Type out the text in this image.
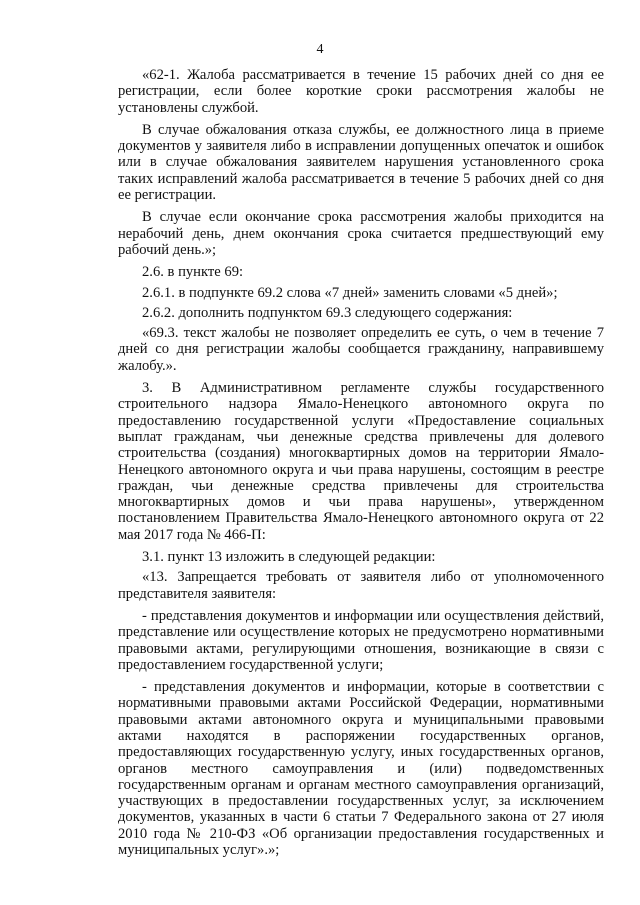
4

«62-1. Жалоба рассматривается в течение 15 рабочих дней со дня ее регистрации, если более короткие сроки рассмотрения жалобы не установлены службой.

В случае обжалования отказа службы, ее должностного лица в приеме документов у заявителя либо в исправлении допущенных опечаток и ошибок или в случае обжалования заявителем нарушения установленного срока таких исправлений жалоба рассматривается в течение 5 рабочих дней со дня ее регистрации.

В случае если окончание срока рассмотрения жалобы приходится на нерабочий день, днем окончания срока считается предшествующий ему рабочий день.»;

2.6. в пункте 69:

2.6.1. в подпункте 69.2 слова «7 дней» заменить словами «5 дней»;

2.6.2. дополнить подпунктом 69.3 следующего содержания:

«69.3. текст жалобы не позволяет определить ее суть, о чем в течение 7 дней со дня регистрации жалобы сообщается гражданину, направившему жалобу.».

3. В Административном регламенте службы государственного строительного надзора Ямало-Ненецкого автономного округа по предоставлению государственной услуги «Предоставление социальных выплат гражданам, чьи денежные средства привлечены для долевого строительства (создания) многоквартирных домов на территории Ямало-Ненецкого автономного округа и чьи права нарушены, состоящим в реестре граждан, чьи денежные средства привлечены для строительства многоквартирных домов и чьи права нарушены», утвержденном постановлением Правительства Ямало-Ненецкого автономного округа от 22 мая 2017 года № 466-П:

3.1. пункт 13 изложить в следующей редакции:

«13. Запрещается требовать от заявителя либо от уполномоченного представителя заявителя:

- представления документов и информации или осуществления действий, представление или осуществление которых не предусмотрено нормативными правовыми актами, регулирующими отношения, возникающие в связи с предоставлением государственной услуги;

- представления документов и информации, которые в соответствии с нормативными правовыми актами Российской Федерации, нормативными правовыми актами автономного округа и муниципальными правовыми актами находятся в распоряжении государственных органов, предоставляющих государственную услугу, иных государственных органов, органов местного самоуправления и (или) подведомственных государственным органам и органам местного самоуправления организаций, участвующих в предоставлении государственных услуг, за исключением документов, указанных в части 6 статьи 7 Федерального закона от 27 июля 2010 года № 210-ФЗ «Об организации предоставления государственных и муниципальных услуг».»;
